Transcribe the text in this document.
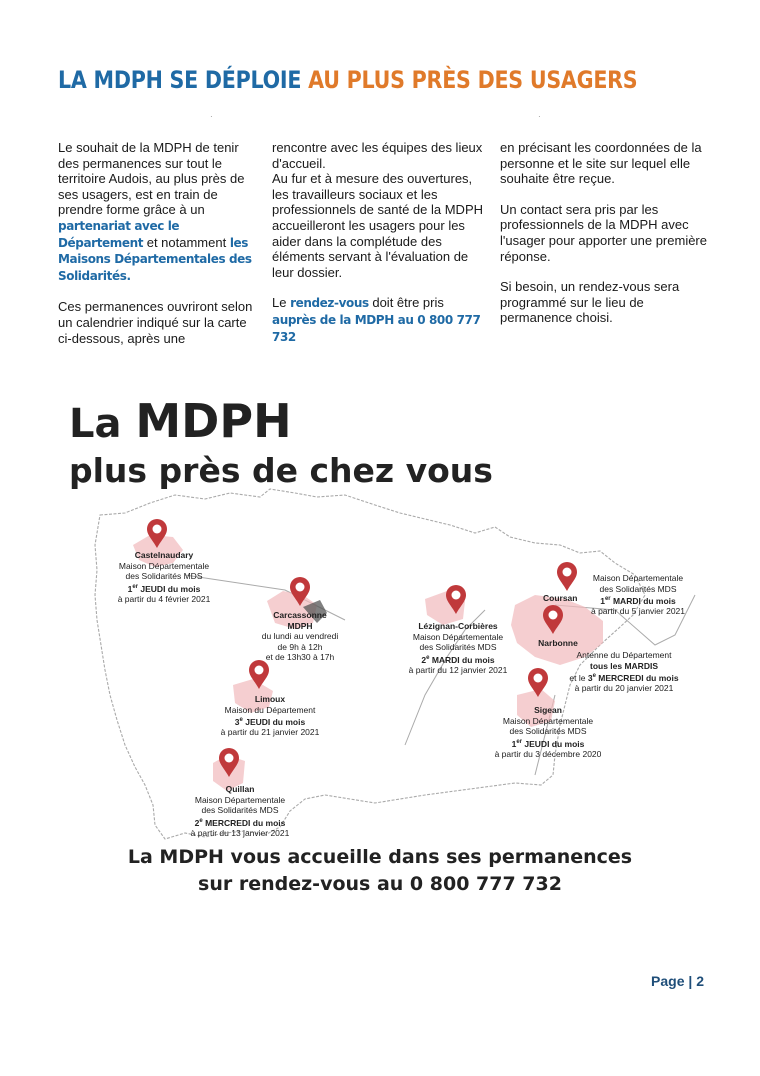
LA MDPH SE DÉPLOIE AU PLUS PRÈS DES USAGERS
·	·

Le souhait de la MDPH de tenir des permanences sur tout le territoire Audois, au plus près de ses usagers, est en train de prendre forme grâce à un partenariat avec le Département et notamment les Maisons Départementales des Solidarités.

Ces permanences ouvriront selon un calendrier indiqué sur la carte ci-dessous, après une

rencontre avec les équipes des lieux d'accueil.

Au fur et à mesure des ouvertures, les travailleurs sociaux et les professionnels de santé de la MDPH accueilleront les usagers pour les aider dans la complétude des éléments servant à l'évaluation de leur dossier.

Le rendez-vous doit être pris auprès de la MDPH au 0 800 777 732

en précisant les coordonnées de la personne et le site sur lequel elle souhaite être reçue.

Un contact sera pris par les professionnels de la MDPH avec l'usager pour apporter une première réponse.

Si besoin, un rendez-vous sera programmé sur le lieu de permanence choisi.

La MDPH
plus près de chez vous
Castelnaudary
Maison Départementale
des Solidarités MDS
1er JEUDI du mois
à partir du 4 février 2021
Carcassonne
MDPH
du lundi au vendredi
de 9h à 12h
et de 13h30 à 17h
Limoux
Maison du Département
3e JEUDI du mois
à partir du 21 janvier 2021
Quillan
Maison Départementale
des Solidarités MDS
2e MERCREDI du mois
à partir du 13 janvier 2021
Lézignan-Corbières
Maison Départementale
des Solidarités MDS
2e MARDI du mois
à partir du 12 janvier 2021
Coursan
Maison Départementale
des Solidarités MDS
1er MARDI du mois
à partir du 5 janvier 2021
Narbonne
Antenne du Département
tous les MARDIS
et le 3e MERCREDI du mois
à partir du 20 janvier 2021
Sigean
Maison Départementale
des Solidarités MDS
1er JEUDI du mois
à partir du 3 décembre 2020
La MDPH vous accueille dans ses permanences
sur rendez-vous au 0 800 777 732
Page | 2
